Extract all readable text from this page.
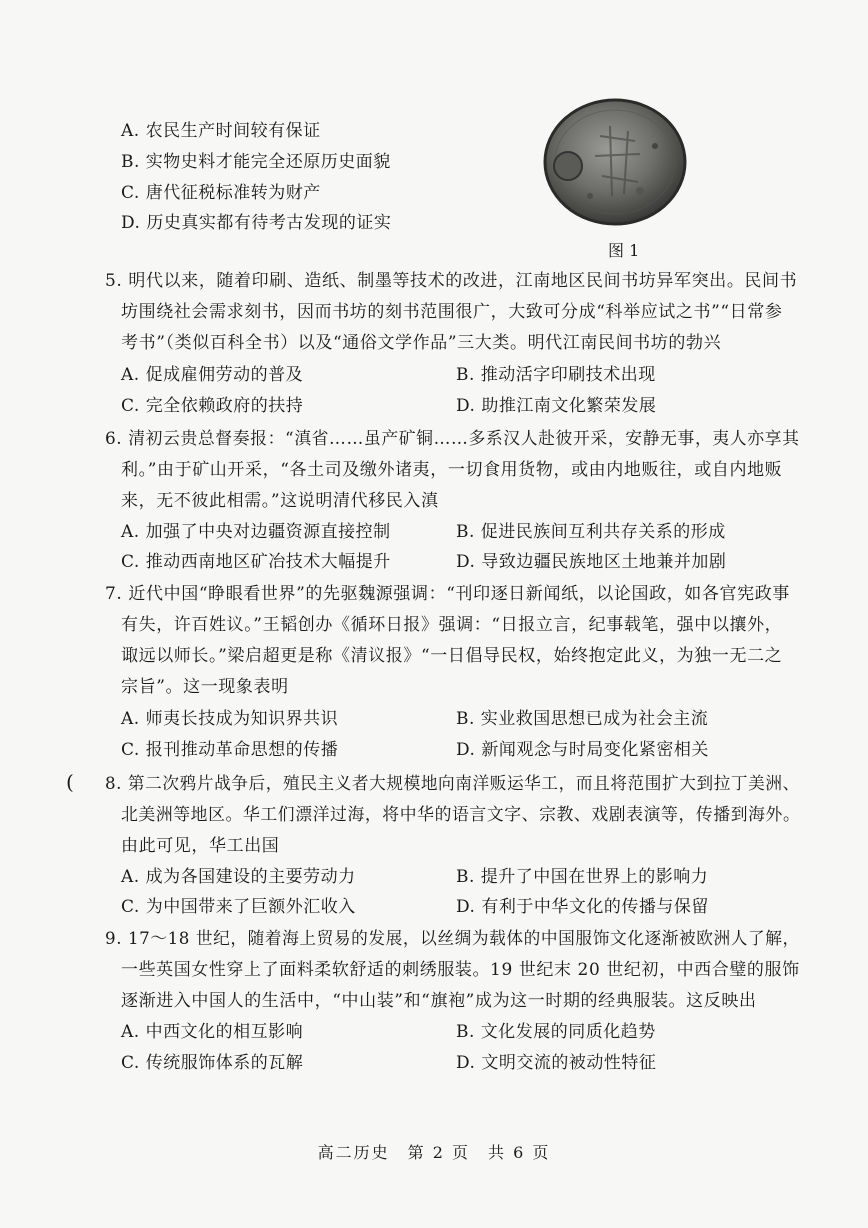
A. 农民生产时间较有保证
B. 实物史料才能完全还原历史面貌
C. 唐代征税标准转为财产
D. 历史真实都有待考古发现的证实
图 1
5. 明代以来，随着印刷、造纸、制墨等技术的改进，江南地区民间书坊异军突出。民间书
坊围绕社会需求刻书，因而书坊的刻书范围很广，大致可分成“科举应试之书”“日常参
考书”（类似百科全书）以及“通俗文学作品”三大类。明代江南民间书坊的勃兴
A. 促成雇佣劳动的普及	B. 推动活字印刷技术出现
C. 完全依赖政府的扶持	D. 助推江南文化繁荣发展
6. 清初云贵总督奏报：“滇省……虽产矿铜……多系汉人赴彼开采，安静无事，夷人亦享其
利。”由于矿山开采，“各土司及缴外诸夷，一切食用货物，或由内地贩往，或自内地贩
来，无不彼此相需。”这说明清代移民入滇
A. 加强了中央对边疆资源直接控制	B. 促进民族间互利共存关系的形成
C. 推动西南地区矿冶技术大幅提升	D. 导致边疆民族地区土地兼并加剧
7. 近代中国“睁眼看世界”的先驱魏源强调：“刊印逐日新闻纸，以论国政，如各官宪政事
有失，许百姓议。”王韬创办《循环日报》强调：“日报立言，纪事载笔，强中以攘外，
诹远以师长。”梁启超更是称《清议报》“一日倡导民权，始终抱定此义，为独一无二之
宗旨”。这一现象表明
A. 师夷长技成为知识界共识	B. 实业救国思想已成为社会主流
C. 报刊推动革命思想的传播	D. 新闻观念与时局变化紧密相关
( 8. 第二次鸦片战争后，殖民主义者大规模地向南洋贩运华工，而且将范围扩大到拉丁美洲、
北美洲等地区。华工们漂洋过海，将中华的语言文字、宗教、戏剧表演等，传播到海外。
由此可见，华工出国
A. 成为各国建设的主要劳动力	B. 提升了中国在世界上的影响力
C. 为中国带来了巨额外汇收入	D. 有利于中华文化的传播与保留
9. 17～18 世纪，随着海上贸易的发展，以丝绸为载体的中国服饰文化逐渐被欧洲人了解，
一些英国女性穿上了面料柔软舒适的刺绣服装。19 世纪末 20 世纪初，中西合璧的服饰
逐渐进入中国人的生活中，“中山装”和“旗袍”成为这一时期的经典服装。这反映出
A. 中西文化的相互影响	B. 文化发展的同质化趋势
C. 传统服饰体系的瓦解	D. 文明交流的被动性特征
高二历史　第 2 页　共 6 页
